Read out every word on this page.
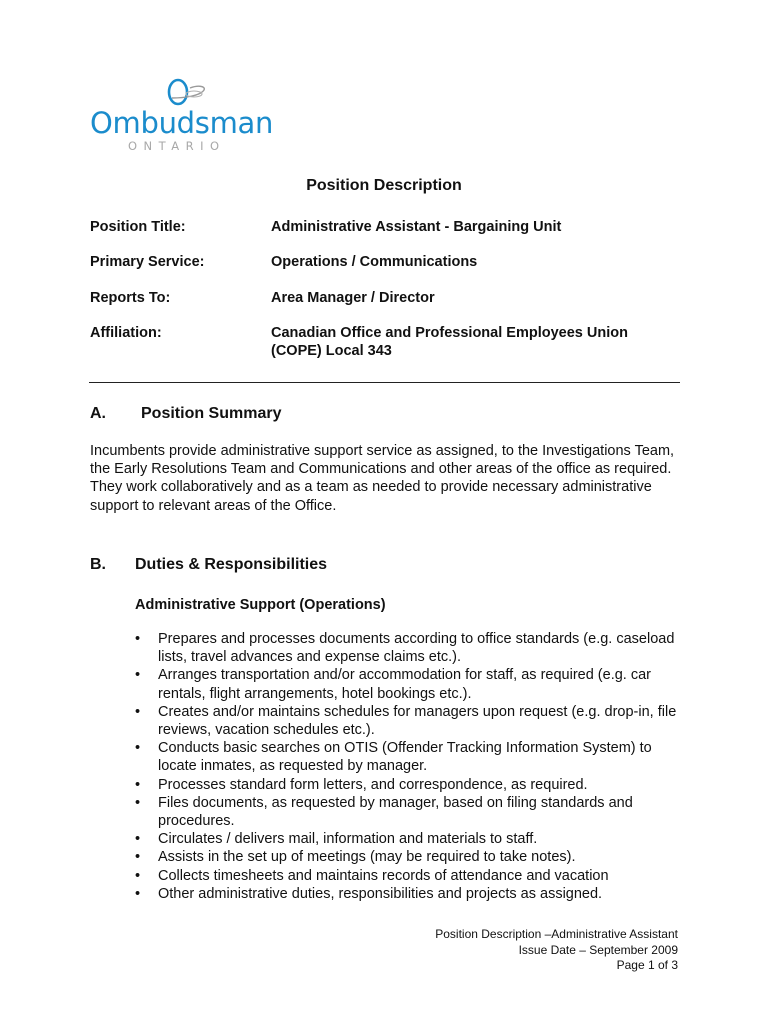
Ombudsman
ONTARIO
Position Description
Position Title:	Administrative Assistant - Bargaining Unit
Primary Service:	Operations / Communications
Reports To:	Area Manager / Director
Affiliation:	Canadian Office and Professional Employees Union (COPE) Local 343
A. Position Summary
Incumbents provide administrative support service as assigned, to the Investigations Team, the Early Resolutions Team and Communications and other areas of the office as required. They work collaboratively and as a team as needed to provide necessary administrative support to relevant areas of the Office.
B. Duties & Responsibilities
Administrative Support (Operations)
• Prepares and processes documents according to office standards (e.g. caseload lists, travel advances and expense claims etc.).
• Arranges transportation and/or accommodation for staff, as required (e.g. car rentals, flight arrangements, hotel bookings etc.).
• Creates and/or maintains schedules for managers upon request (e.g. drop-in, file reviews, vacation schedules etc.).
• Conducts basic searches on OTIS (Offender Tracking Information System) to locate inmates, as requested by manager.
• Processes standard form letters, and correspondence, as required.
• Files documents, as requested by manager, based on filing standards and procedures.
• Circulates / delivers mail, information and materials to staff.
• Assists in the set up of meetings (may be required to take notes).
• Collects timesheets and maintains records of attendance and vacation
• Other administrative duties, responsibilities and projects as assigned.
Position Description –Administrative Assistant
Issue Date – September 2009
Page 1 of 3
